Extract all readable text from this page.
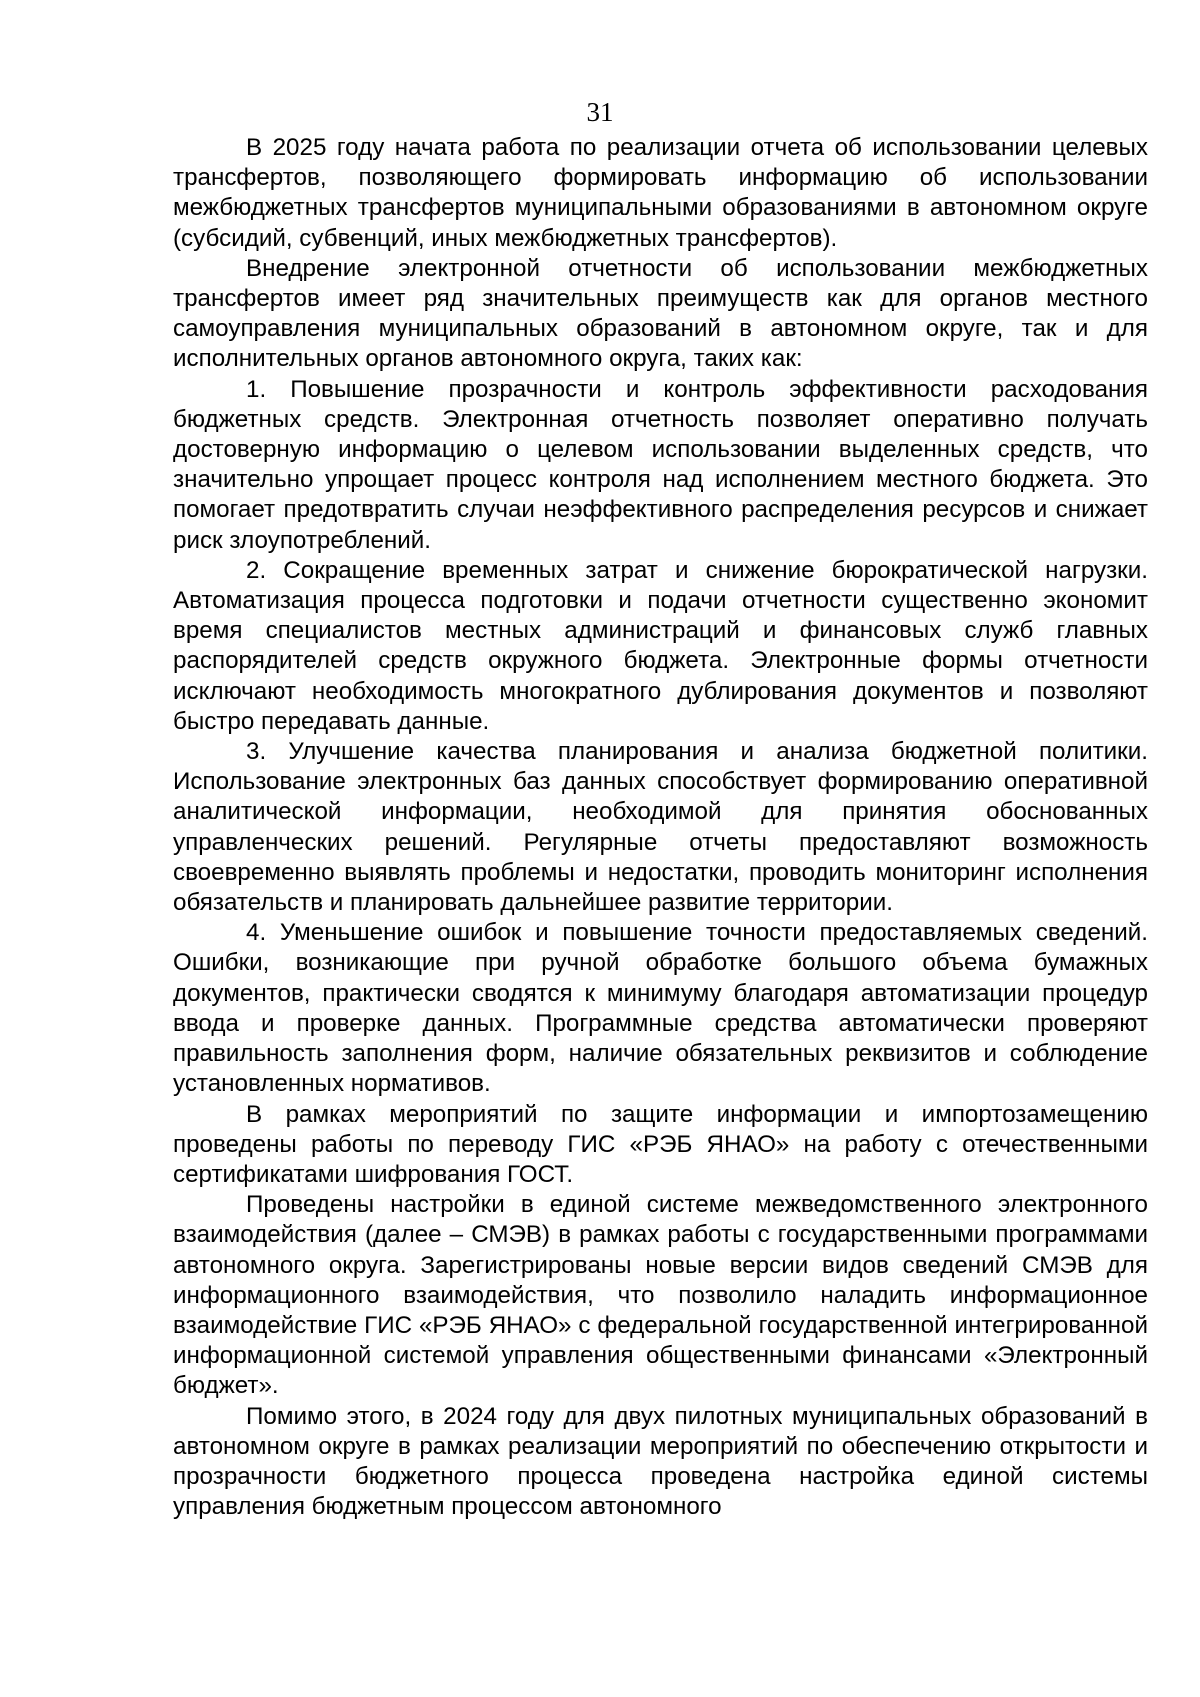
31

В 2025 году начата работа по реализации отчета об использовании целевых трансфертов, позволяющего формировать информацию об использовании межбюджетных трансфертов муниципальными образованиями в автономном округе (субсидий, субвенций, иных межбюджетных трансфертов).

Внедрение электронной отчетности об использовании межбюджетных трансфертов имеет ряд значительных преимуществ как для органов местного самоуправления муниципальных образований в автономном округе, так и для исполнительных органов автономного округа, таких как:

1. Повышение прозрачности и контроль эффективности расходования бюджетных средств. Электронная отчетность позволяет оперативно получать достоверную информацию о целевом использовании выделенных средств, что значительно упрощает процесс контроля над исполнением местного бюджета. Это помогает предотвратить случаи неэффективного распределения ресурсов и снижает риск злоупотреблений.

2. Сокращение временных затрат и снижение бюрократической нагрузки. Автоматизация процесса подготовки и подачи отчетности существенно экономит время специалистов местных администраций и финансовых служб главных распорядителей средств окружного бюджета. Электронные формы отчетности исключают необходимость многократного дублирования документов и позволяют быстро передавать данные.

3. Улучшение качества планирования и анализа бюджетной политики. Использование электронных баз данных способствует формированию оперативной аналитической информации, необходимой для принятия обоснованных управленческих решений. Регулярные отчеты предоставляют возможность своевременно выявлять проблемы и недостатки, проводить мониторинг исполнения обязательств и планировать дальнейшее развитие территории.

4. Уменьшение ошибок и повышение точности предоставляемых сведений. Ошибки, возникающие при ручной обработке большого объема бумажных документов, практически сводятся к минимуму благодаря автоматизации процедур ввода и проверке данных. Программные средства автоматически проверяют правильность заполнения форм, наличие обязательных реквизитов и соблюдение установленных нормативов.

В рамках мероприятий по защите информации и импортозамещению проведены работы по переводу ГИС «РЭБ ЯНАО» на работу с отечественными сертификатами шифрования ГОСТ.

Проведены настройки в единой системе межведомственного электронного взаимодействия (далее – СМЭВ) в рамках работы с государственными программами автономного округа. Зарегистрированы новые версии видов сведений СМЭВ для информационного взаимодействия, что позволило наладить информационное взаимодействие ГИС «РЭБ ЯНАО» с федеральной государственной интегрированной информационной системой управления общественными финансами «Электронный бюджет».

Помимо этого, в 2024 году для двух пилотных муниципальных образований в автономном округе в рамках реализации мероприятий по обеспечению открытости и прозрачности бюджетного процесса проведена настройка единой системы управления бюджетным процессом автономного
